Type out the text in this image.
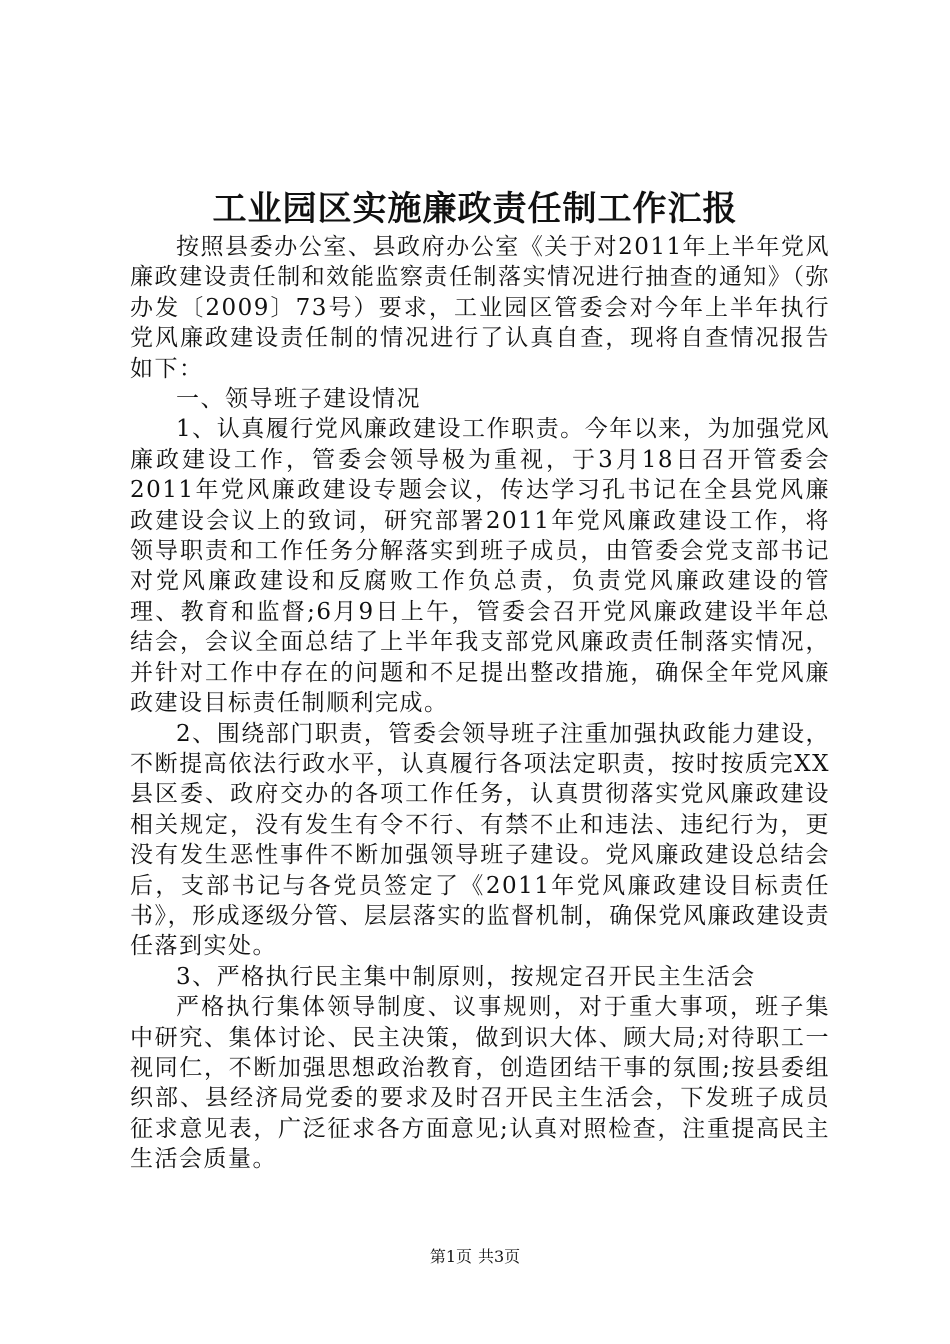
工业园区实施廉政责任制工作汇报

按照县委办公室、县政府办公室《关于对2011年上半年党风廉政建设责任制和效能监察责任制落实情况进行抽查的通知》（弥办发〔2009〕73号）要求，工业园区管委会对今年上半年执行党风廉政建设责任制的情况进行了认真自查，现将自查情况报告如下：

一、领导班子建设情况

1、认真履行党风廉政建设工作职责。今年以来，为加强党风廉政建设工作，管委会领导极为重视，于3月18日召开管委会2011年党风廉政建设专题会议，传达学习孔书记在全县党风廉政建设会议上的致词，研究部署2011年党风廉政建设工作，将领导职责和工作任务分解落实到班子成员，由管委会党支部书记对党风廉政建设和反腐败工作负总责，负责党风廉政建设的管理、教育和监督;6月9日上午，管委会召开党风廉政建设半年总结会，会议全面总结了上半年我支部党风廉政责任制落实情况，并针对工作中存在的问题和不足提出整改措施，确保全年党风廉政建设目标责任制顺利完成。

2、围绕部门职责，管委会领导班子注重加强执政能力建设，不断提高依法行政水平，认真履行各项法定职责，按时按质完XX县区委、政府交办的各项工作任务，认真贯彻落实党风廉政建设相关规定，没有发生有令不行、有禁不止和违法、违纪行为，更没有发生恶性事件不断加强领导班子建设。党风廉政建设总结会后，支部书记与各党员签定了《2011年党风廉政建设目标责任书》，形成逐级分管、层层落实的监督机制，确保党风廉政建设责任落到实处。

3、严格执行民主集中制原则，按规定召开民主生活会

严格执行集体领导制度、议事规则，对于重大事项，班子集中研究、集体讨论、民主决策，做到识大体、顾大局;对待职工一视同仁，不断加强思想政治教育，创造团结干事的氛围;按县委组织部、县经济局党委的要求及时召开民主生活会，下发班子成员征求意见表，广泛征求各方面意见;认真对照检查，注重提高民主生活会质量。

第1页 共3页
